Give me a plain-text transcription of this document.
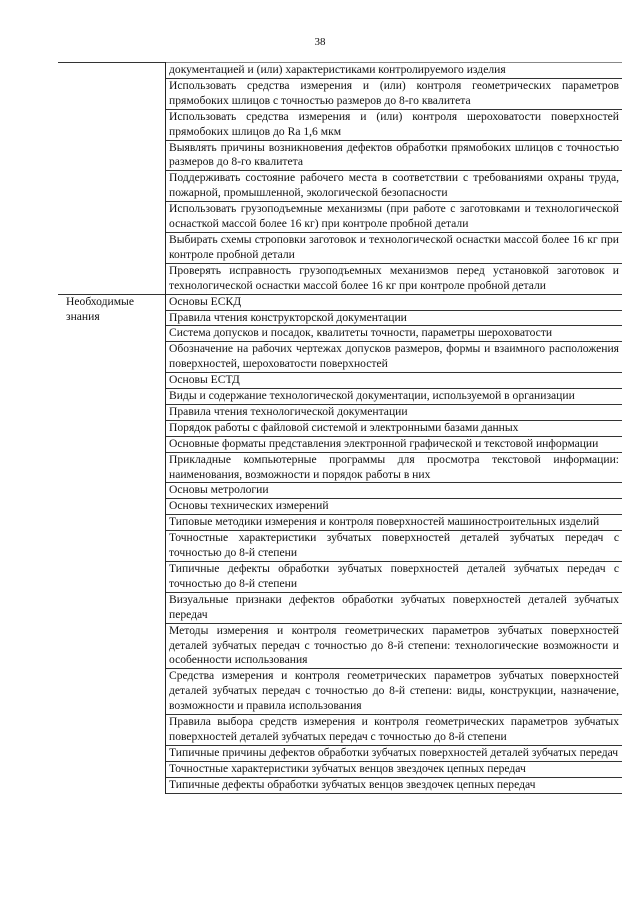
38
	документацией и (или) характеристиками контролируемого изделия
	Использовать средства измерения и (или) контроля геометрических параметров прямобоких шлицов с точностью размеров до 8-го квалитета
	Использовать средства измерения и (или) контроля шероховатости поверхностей прямобоких шлицов до Ra 1,6 мкм
	Выявлять причины возникновения дефектов обработки прямобоких шлицов с точностью размеров до 8-го квалитета
	Поддерживать состояние рабочего места в соответствии с требованиями охраны труда, пожарной, промышленной, экологической безопасности
	Использовать грузоподъемные механизмы (при работе с заготовками и технологической оснасткой массой более 16 кг) при контроле пробной детали
	Выбирать схемы строповки заготовок и технологической оснастки массой более 16 кг при контроле пробной детали
	Проверять исправность грузоподъемных механизмов перед установкой заготовок и технологической оснастки массой более 16 кг при контроле пробной детали
Необходимые знания	Основы ЕСКД
	Правила чтения конструкторской документации
	Система допусков и посадок, квалитеты точности, параметры шероховатости
	Обозначение на рабочих чертежах допусков размеров, формы и взаимного расположения поверхностей, шероховатости поверхностей
	Основы ЕСТД
	Виды и содержание технологической документации, используемой в организации
	Правила чтения технологической документации
	Порядок работы с файловой системой и электронными базами данных
	Основные форматы представления электронной графической и текстовой информации
	Прикладные компьютерные программы для просмотра текстовой информации: наименования, возможности и порядок работы в них
	Основы метрологии
	Основы технических измерений
	Типовые методики измерения и контроля поверхностей машиностроительных изделий
	Точностные характеристики зубчатых поверхностей деталей зубчатых передач с точностью до 8-й степени
	Типичные дефекты обработки зубчатых поверхностей деталей зубчатых передач с точностью до 8-й степени
	Визуальные признаки дефектов обработки зубчатых поверхностей деталей зубчатых передач
	Методы измерения и контроля геометрических параметров зубчатых поверхностей деталей зубчатых передач с точностью до 8-й степени: технологические возможности и особенности использования
	Средства измерения и контроля геометрических параметров зубчатых поверхностей деталей зубчатых передач с точностью до 8-й степени: виды, конструкции, назначение, возможности и правила использования
	Правила выбора средств измерения и контроля геометрических параметров зубчатых поверхностей деталей зубчатых передач с точностью до 8-й степени
	Типичные причины дефектов обработки зубчатых поверхностей деталей зубчатых передач
	Точностные характеристики зубчатых венцов звездочек цепных передач
	Типичные дефекты обработки зубчатых венцов звездочек цепных передач
